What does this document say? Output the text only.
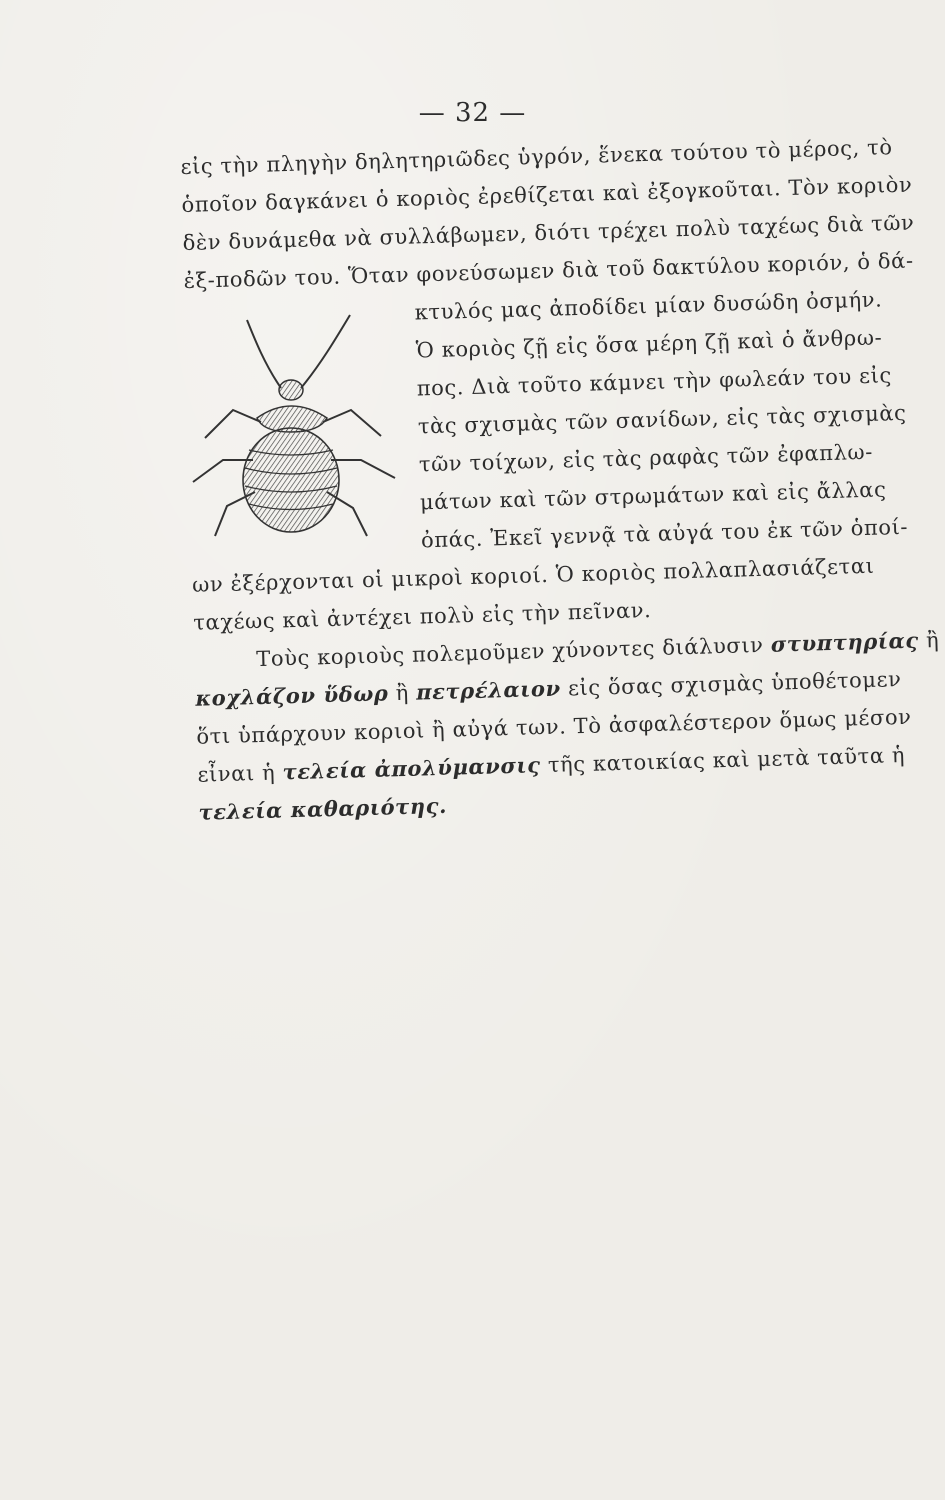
— 32 —
εἰς τὴν πληγὴν δηλητηριῶδες ὑγρόν, ἕνεκα τούτου τὸ μέρος, τὸ
ὁποῖον δαγκάνει ὁ κοριὸς ἐρεθίζεται καὶ ἐξογκοῦται. Τὸν κοριὸν
δὲν δυνάμεθα νὰ συλλάβωμεν, διότι τρέχει πολὺ ταχέως διὰ τῶν
ἐξ-ποδῶν του. Ὅταν φονεύσωμεν διὰ τοῦ δακτύλου κοριόν, ὁ δά-
κτυλός μας ἀποδίδει μίαν δυσώδη ὀσμήν.
Ὁ κοριὸς ζῇ εἰς ὅσα μέρη ζῇ καὶ ὁ ἄνθρω-
πος. Διὰ τοῦτο κάμνει τὴν φωλεάν του εἰς
τὰς σχισμὰς τῶν σανίδων, εἰς τὰς σχισμὰς
τῶν τοίχων, εἰς τὰς ραφὰς τῶν ἐφαπλω-
μάτων καὶ τῶν στρωμάτων καὶ εἰς ἄλλας
ὀπάς. Ἐκεῖ γεννᾷ τὰ αὐγά του ἐκ τῶν ὁποί-
ων ἐξέρχονται οἱ μικροὶ κοριοί. Ὁ κοριὸς πολλαπλασιάζεται
ταχέως καὶ ἀντέχει πολὺ εἰς τὴν πεῖναν.
Τοὺς κοριοὺς πολεμοῦμεν χύνοντες διάλυσιν στυπτηρίας ἢ
κοχλάζον ὕδωρ ἢ πετρέλαιον εἰς ὅσας σχισμὰς ὑποθέτομεν
ὅτι ὑπάρχουν κοριοὶ ἢ αὐγά των. Τὸ ἀσφαλέστερον ὅμως μέσον
εἶναι ἡ τελεία ἀπολύμανσις τῆς κατοικίας καὶ μετὰ ταῦτα ἡ
τελεία καθαριότης.
